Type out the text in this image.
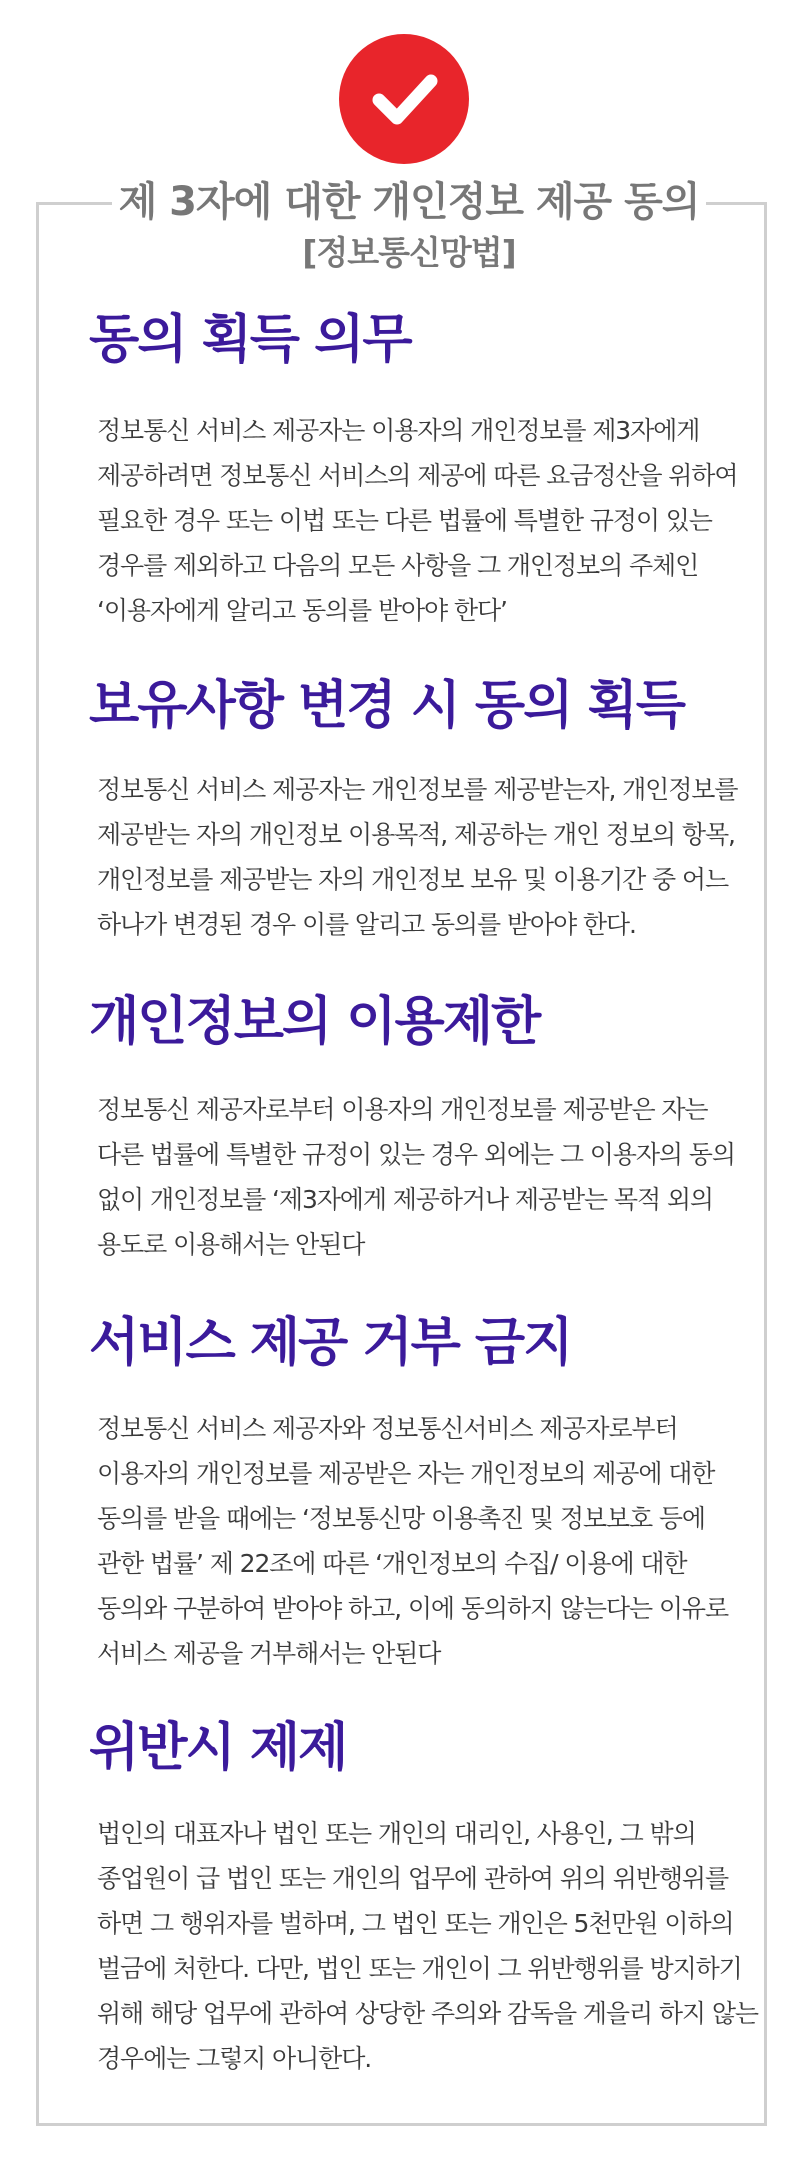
제 3자에 대한 개인정보 제공 동의
[정보통신망법]
동의 획득 의무
정보통신 서비스 제공자는 이용자의 개인정보를 제3자에게
제공하려면 정보통신 서비스의 제공에 따른 요금정산을 위하여
필요한 경우 또는 이법 또는 다른 법률에 특별한 규정이 있는
경우를 제외하고 다음의 모든 사항을 그 개인정보의 주체인
‘이용자에게 알리고 동의를 받아야 한다’
보유사항 변경 시 동의 획득
정보통신 서비스 제공자는 개인정보를 제공받는자, 개인정보를
제공받는 자의 개인정보 이용목적, 제공하는 개인 정보의 항목,
개인정보를 제공받는 자의 개인정보 보유 및 이용기간 중 어느
하나가 변경된 경우 이를 알리고 동의를 받아야 한다.
개인정보의 이용제한
정보통신 제공자로부터 이용자의 개인정보를 제공받은 자는
다른 법률에 특별한 규정이 있는 경우 외에는 그 이용자의 동의
없이 개인정보를 ‘제3자에게 제공하거나 제공받는 목적 외의
용도로 이용해서는 안된다
서비스 제공 거부 금지
정보통신 서비스 제공자와 정보통신서비스 제공자로부터
이용자의 개인정보를 제공받은 자는 개인정보의 제공에 대한
동의를 받을 때에는 ‘정보통신망 이용촉진 및 정보보호 등에
관한 법률’ 제 22조에 따른 ‘개인정보의 수집/ 이용에 대한
동의와 구분하여 받아야 하고, 이에 동의하지 않는다는 이유로
서비스 제공을 거부해서는 안된다
위반시 제제
법인의 대표자나 법인 또는 개인의 대리인, 사용인, 그 밖의
종업원이 급 법인 또는 개인의 업무에 관하여 위의 위반행위를
하면 그 행위자를 벌하며, 그 법인 또는 개인은 5천만원 이하의
벌금에 처한다. 다만, 법인 또는 개인이 그 위반행위를 방지하기
위해 해당 업무에 관하여 상당한 주의와 감독을 게을리 하지 않는
경우에는 그렇지 아니한다.
